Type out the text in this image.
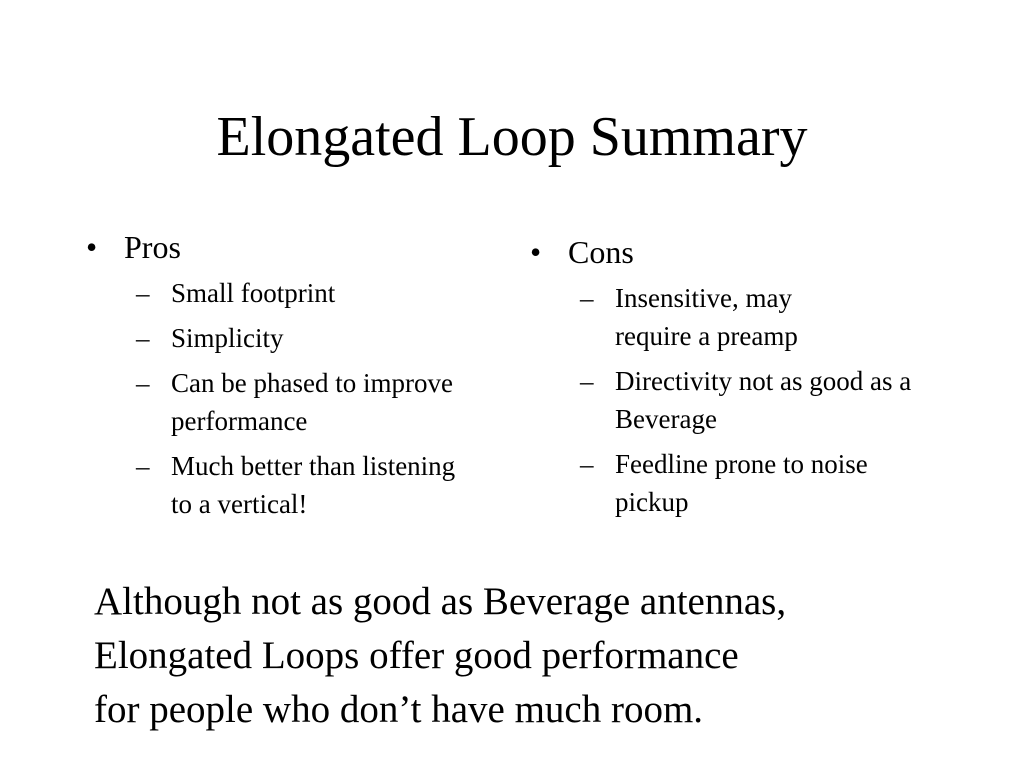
Elongated Loop Summary
• Pros
– Small footprint
– Simplicity
– Can be phased to improve performance
– Much better than listening to a vertical!
• Cons
– Insensitive, may require a preamp
– Directivity not as good as a Beverage
– Feedline prone to noise pickup

Although not as good as Beverage antennas,
Elongated Loops offer good performance
for people who don’t have much room.
